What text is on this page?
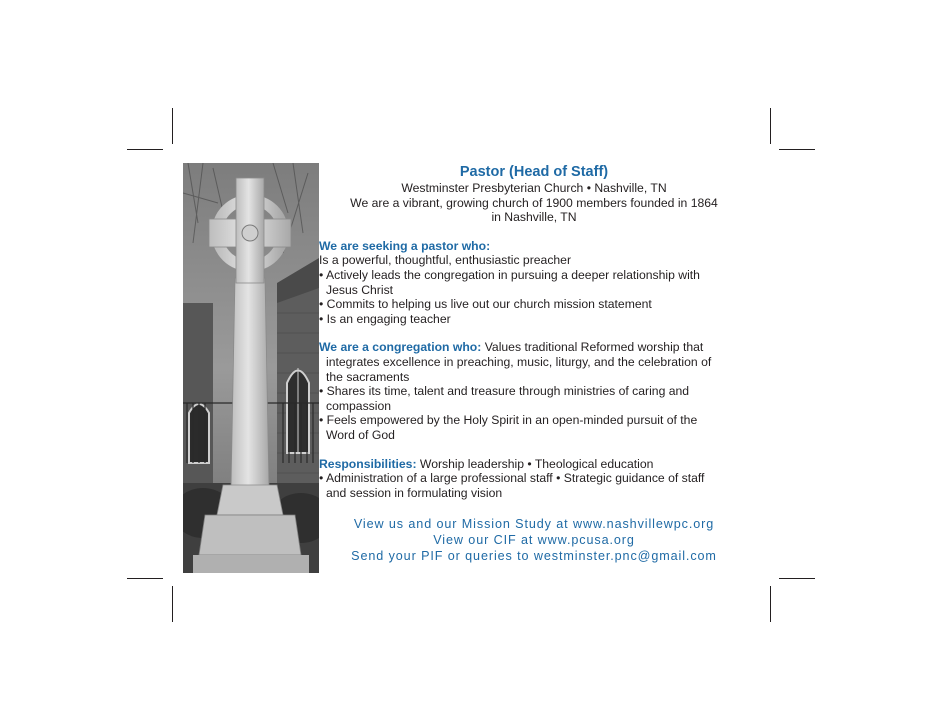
Pastor (Head of Staff)
Westminster Presbyterian Church • Nashville, TN
We are a vibrant, growing church of 1900 members founded in 1864
in Nashville, TN
We are seeking a pastor who:
Is a powerful, thoughtful, enthusiastic preacher
• Actively leads the congregation in pursuing a deeper relationship with
Jesus Christ
• Commits to helping us live out our church mission statement
• Is an engaging teacher
We are a congregation who: Values traditional Reformed worship that
integrates excellence in preaching, music, liturgy, and the celebration of
the sacraments
• Shares its time, talent and treasure through ministries of caring and
compassion
• Feels empowered by the Holy Spirit in an open-minded pursuit of the
Word of God
Responsibilities: Worship leadership • Theological education
• Administration of a large professional staff • Strategic guidance of staff
and session in formulating vision
View us and our Mission Study at www.nashvillewpc.org
View our CIF at www.pcusa.org
Send your PIF or queries to westminster.pnc@gmail.com
